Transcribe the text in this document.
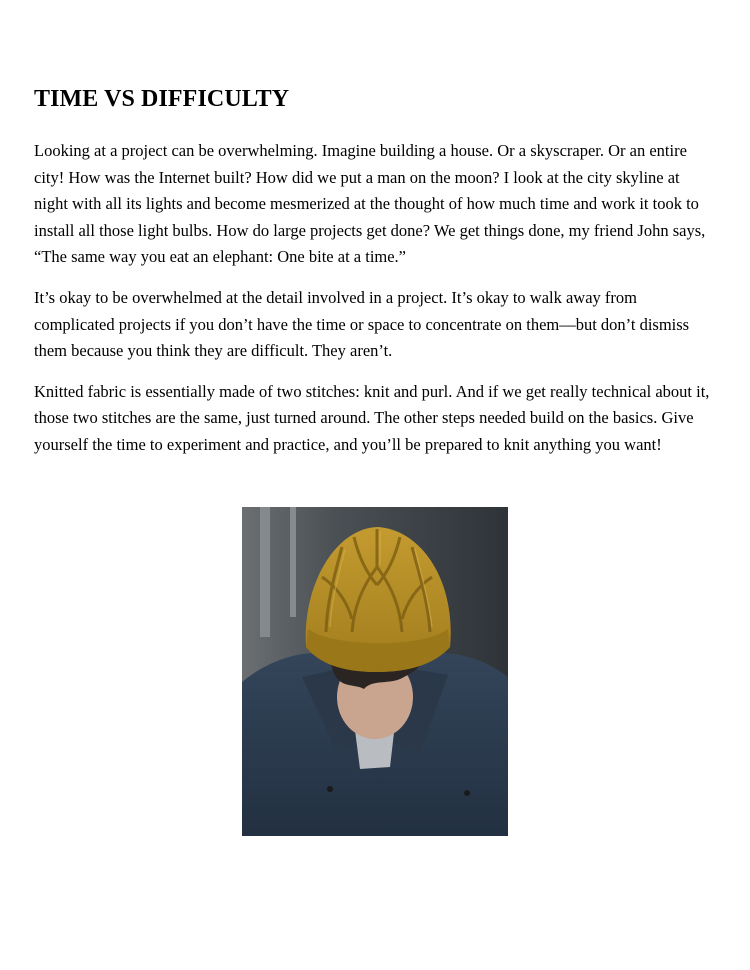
TIME VS DIFFICULTY

Looking at a project can be overwhelming. Imagine building a house. Or a skyscraper. Or an entire city! How was the Internet built? How did we put a man on the moon? I look at the city skyline at night with all its lights and become mesmerized at the thought of how much time and work it took to install all those light bulbs. How do large projects get done? We get things done, my friend John says, “The same way you eat an elephant: One bite at a time.”

It’s okay to be overwhelmed at the detail involved in a project. It’s okay to walk away from complicated projects if you don’t have the time or space to concentrate on them—but don’t dismiss them because you think they are difficult. They aren’t.

Knitted fabric is essentially made of two stitches: knit and purl. And if we get really technical about it, those two stitches are the same, just turned around. The other steps needed build on the basics. Give yourself the time to experiment and practice, and you’ll be prepared to knit anything you want!
